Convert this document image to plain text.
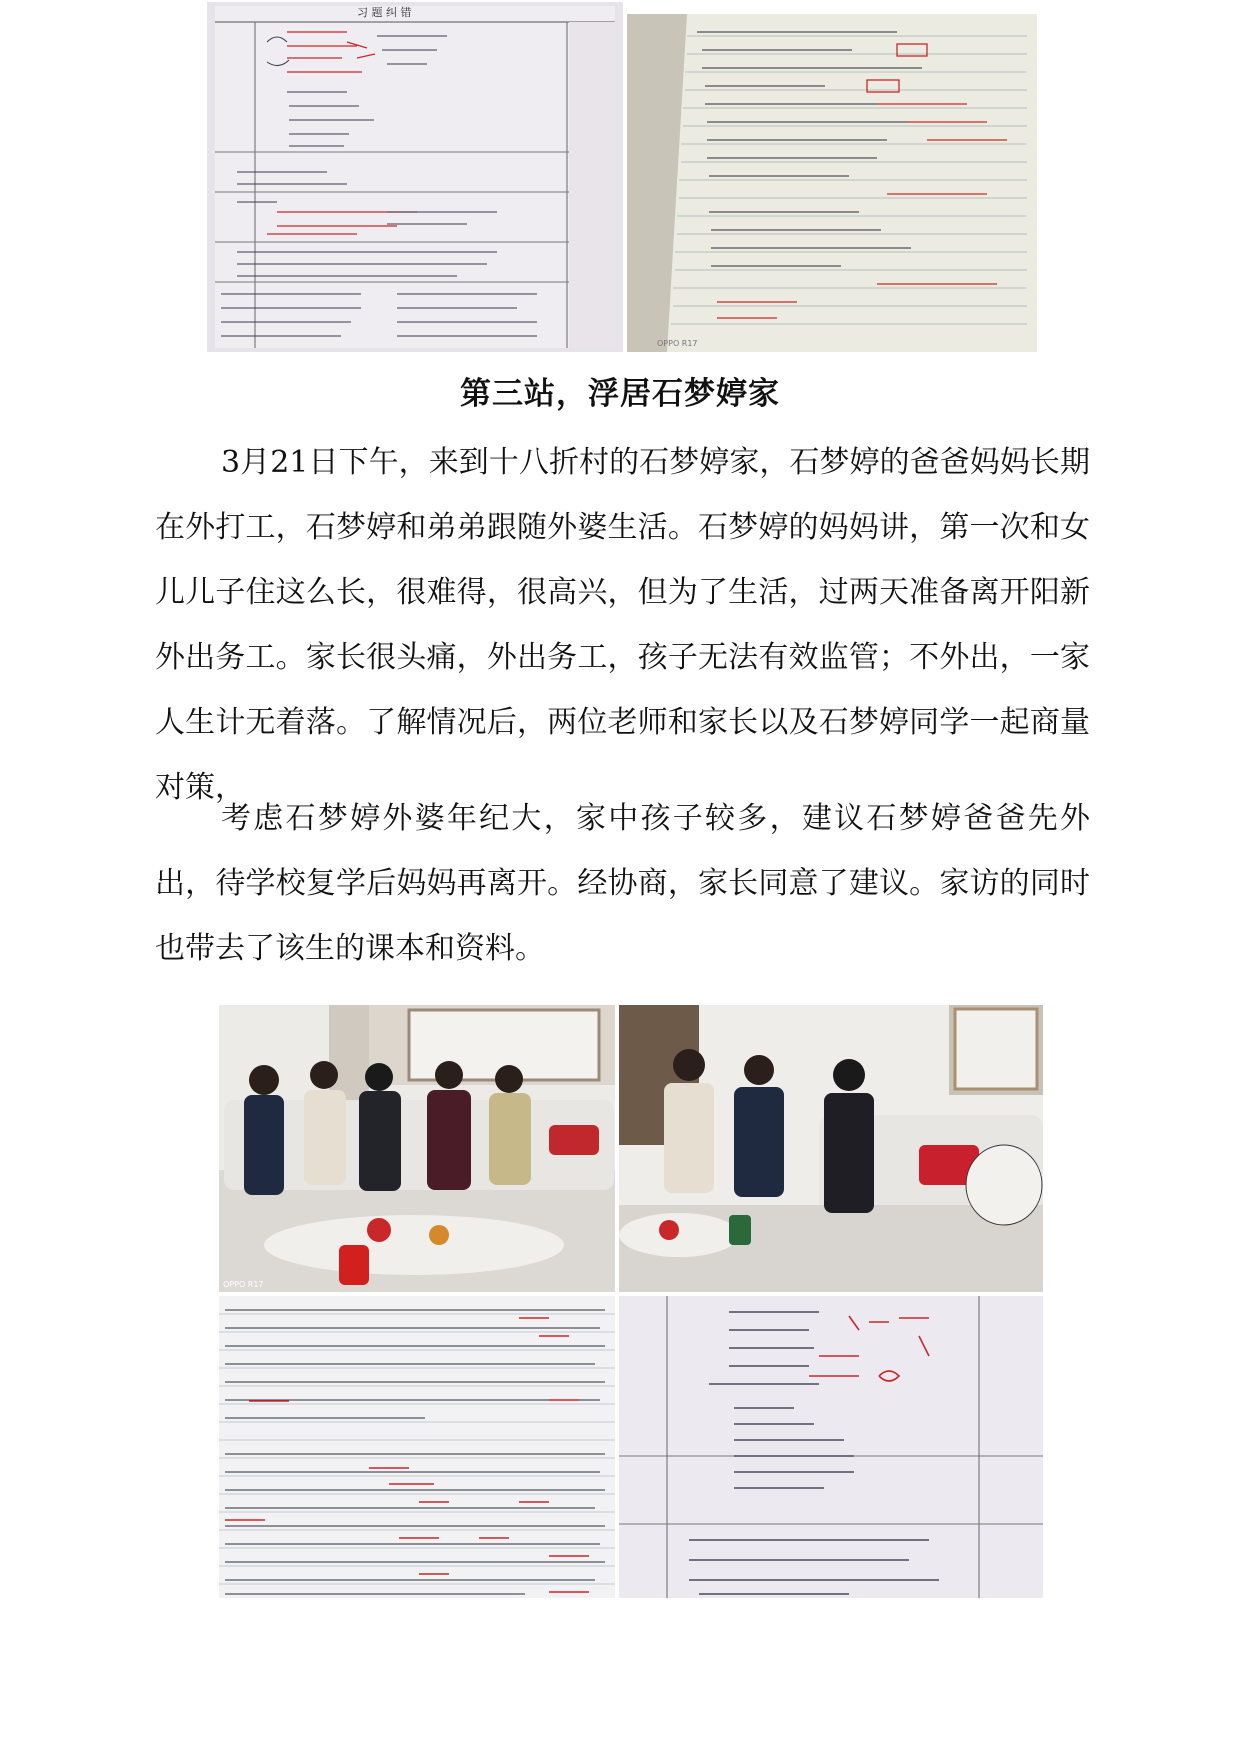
习 题 纠 错
OPPO R17
第三站，浮居石梦婷家

3月21日下午，来到十八折村的石梦婷家，石梦婷的爸爸妈妈长期在外打工，石梦婷和弟弟跟随外婆生活。石梦婷的妈妈讲，第一次和女儿儿子住这么长，很难得，很高兴，但为了生活，过两天准备离开阳新外出务工。家长很头痛，外出务工，孩子无法有效监管；不外出，一家人生计无着落。了解情况后，两位老师和家长以及石梦婷同学一起商量对策，

考虑石梦婷外婆年纪大，家中孩子较多，建议石梦婷爸爸先外出，待学校复学后妈妈再离开。经协商，家长同意了建议。家访的同时也带去了该生的课本和资料。

OPPO R17
